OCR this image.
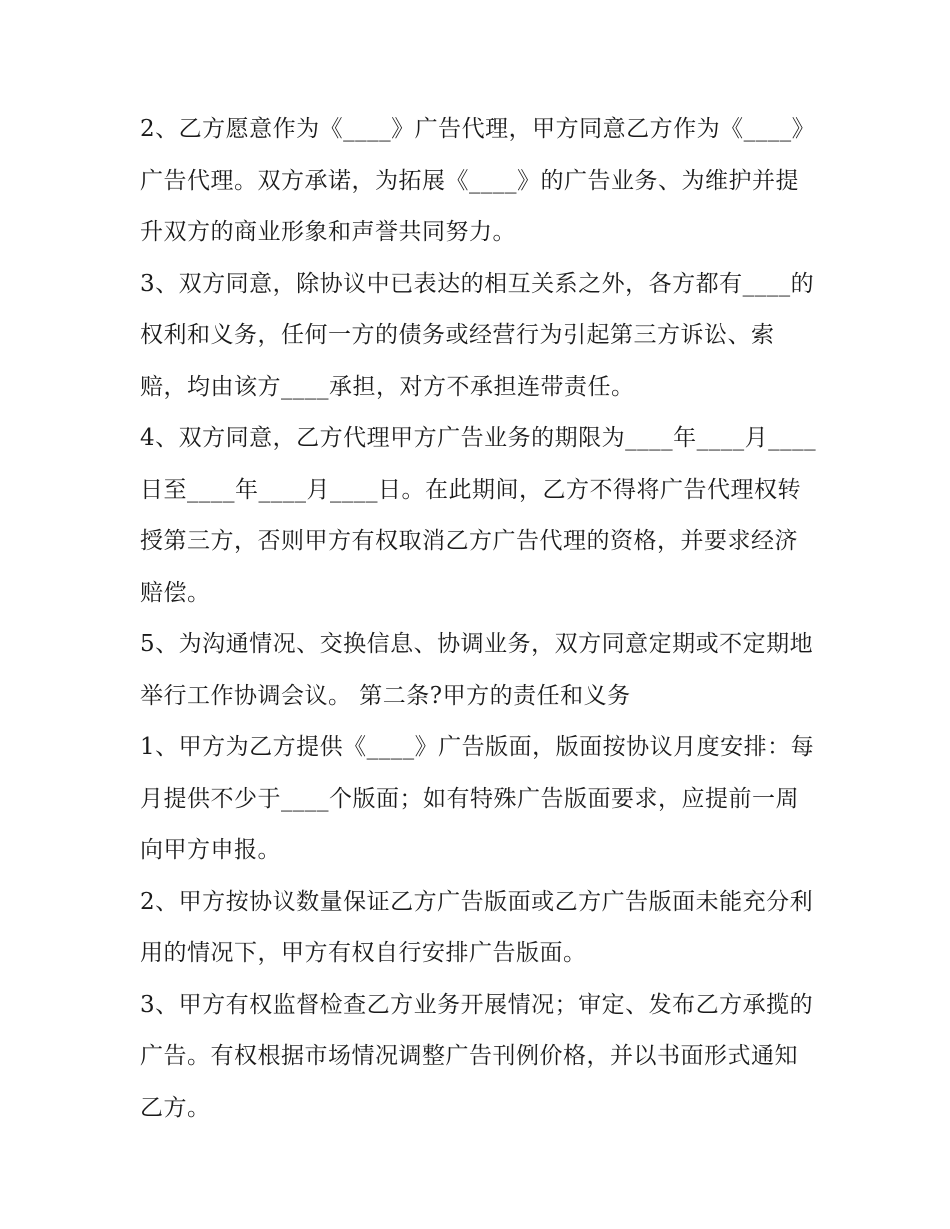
2、乙方愿意作为《____》广告代理，甲方同意乙方作为《____》广告代理。双方承诺，为拓展《____》的广告业务、为维护并提升双方的商业形象和声誉共同努力。

3、双方同意，除协议中已表达的相互关系之外，各方都有____的权利和义务，任何一方的债务或经营行为引起第三方诉讼、索赔，均由该方____承担，对方不承担连带责任。

4、双方同意，乙方代理甲方广告业务的期限为____年____月____日至____年____月____日。在此期间，乙方不得将广告代理权转授第三方，否则甲方有权取消乙方广告代理的资格，并要求经济赔偿。

5、为沟通情况、交换信息、协调业务，双方同意定期或不定期地举行工作协调会议。 第二条?甲方的责任和义务

1、甲方为乙方提供《____》广告版面，版面按协议月度安排：每月提供不少于____个版面；如有特殊广告版面要求，应提前一周向甲方申报。

2、甲方按协议数量保证乙方广告版面或乙方广告版面未能充分利用的情况下，甲方有权自行安排广告版面。

3、甲方有权监督检查乙方业务开展情况；审定、发布乙方承揽的广告。有权根据市场情况调整广告刊例价格，并以书面形式通知乙方。
